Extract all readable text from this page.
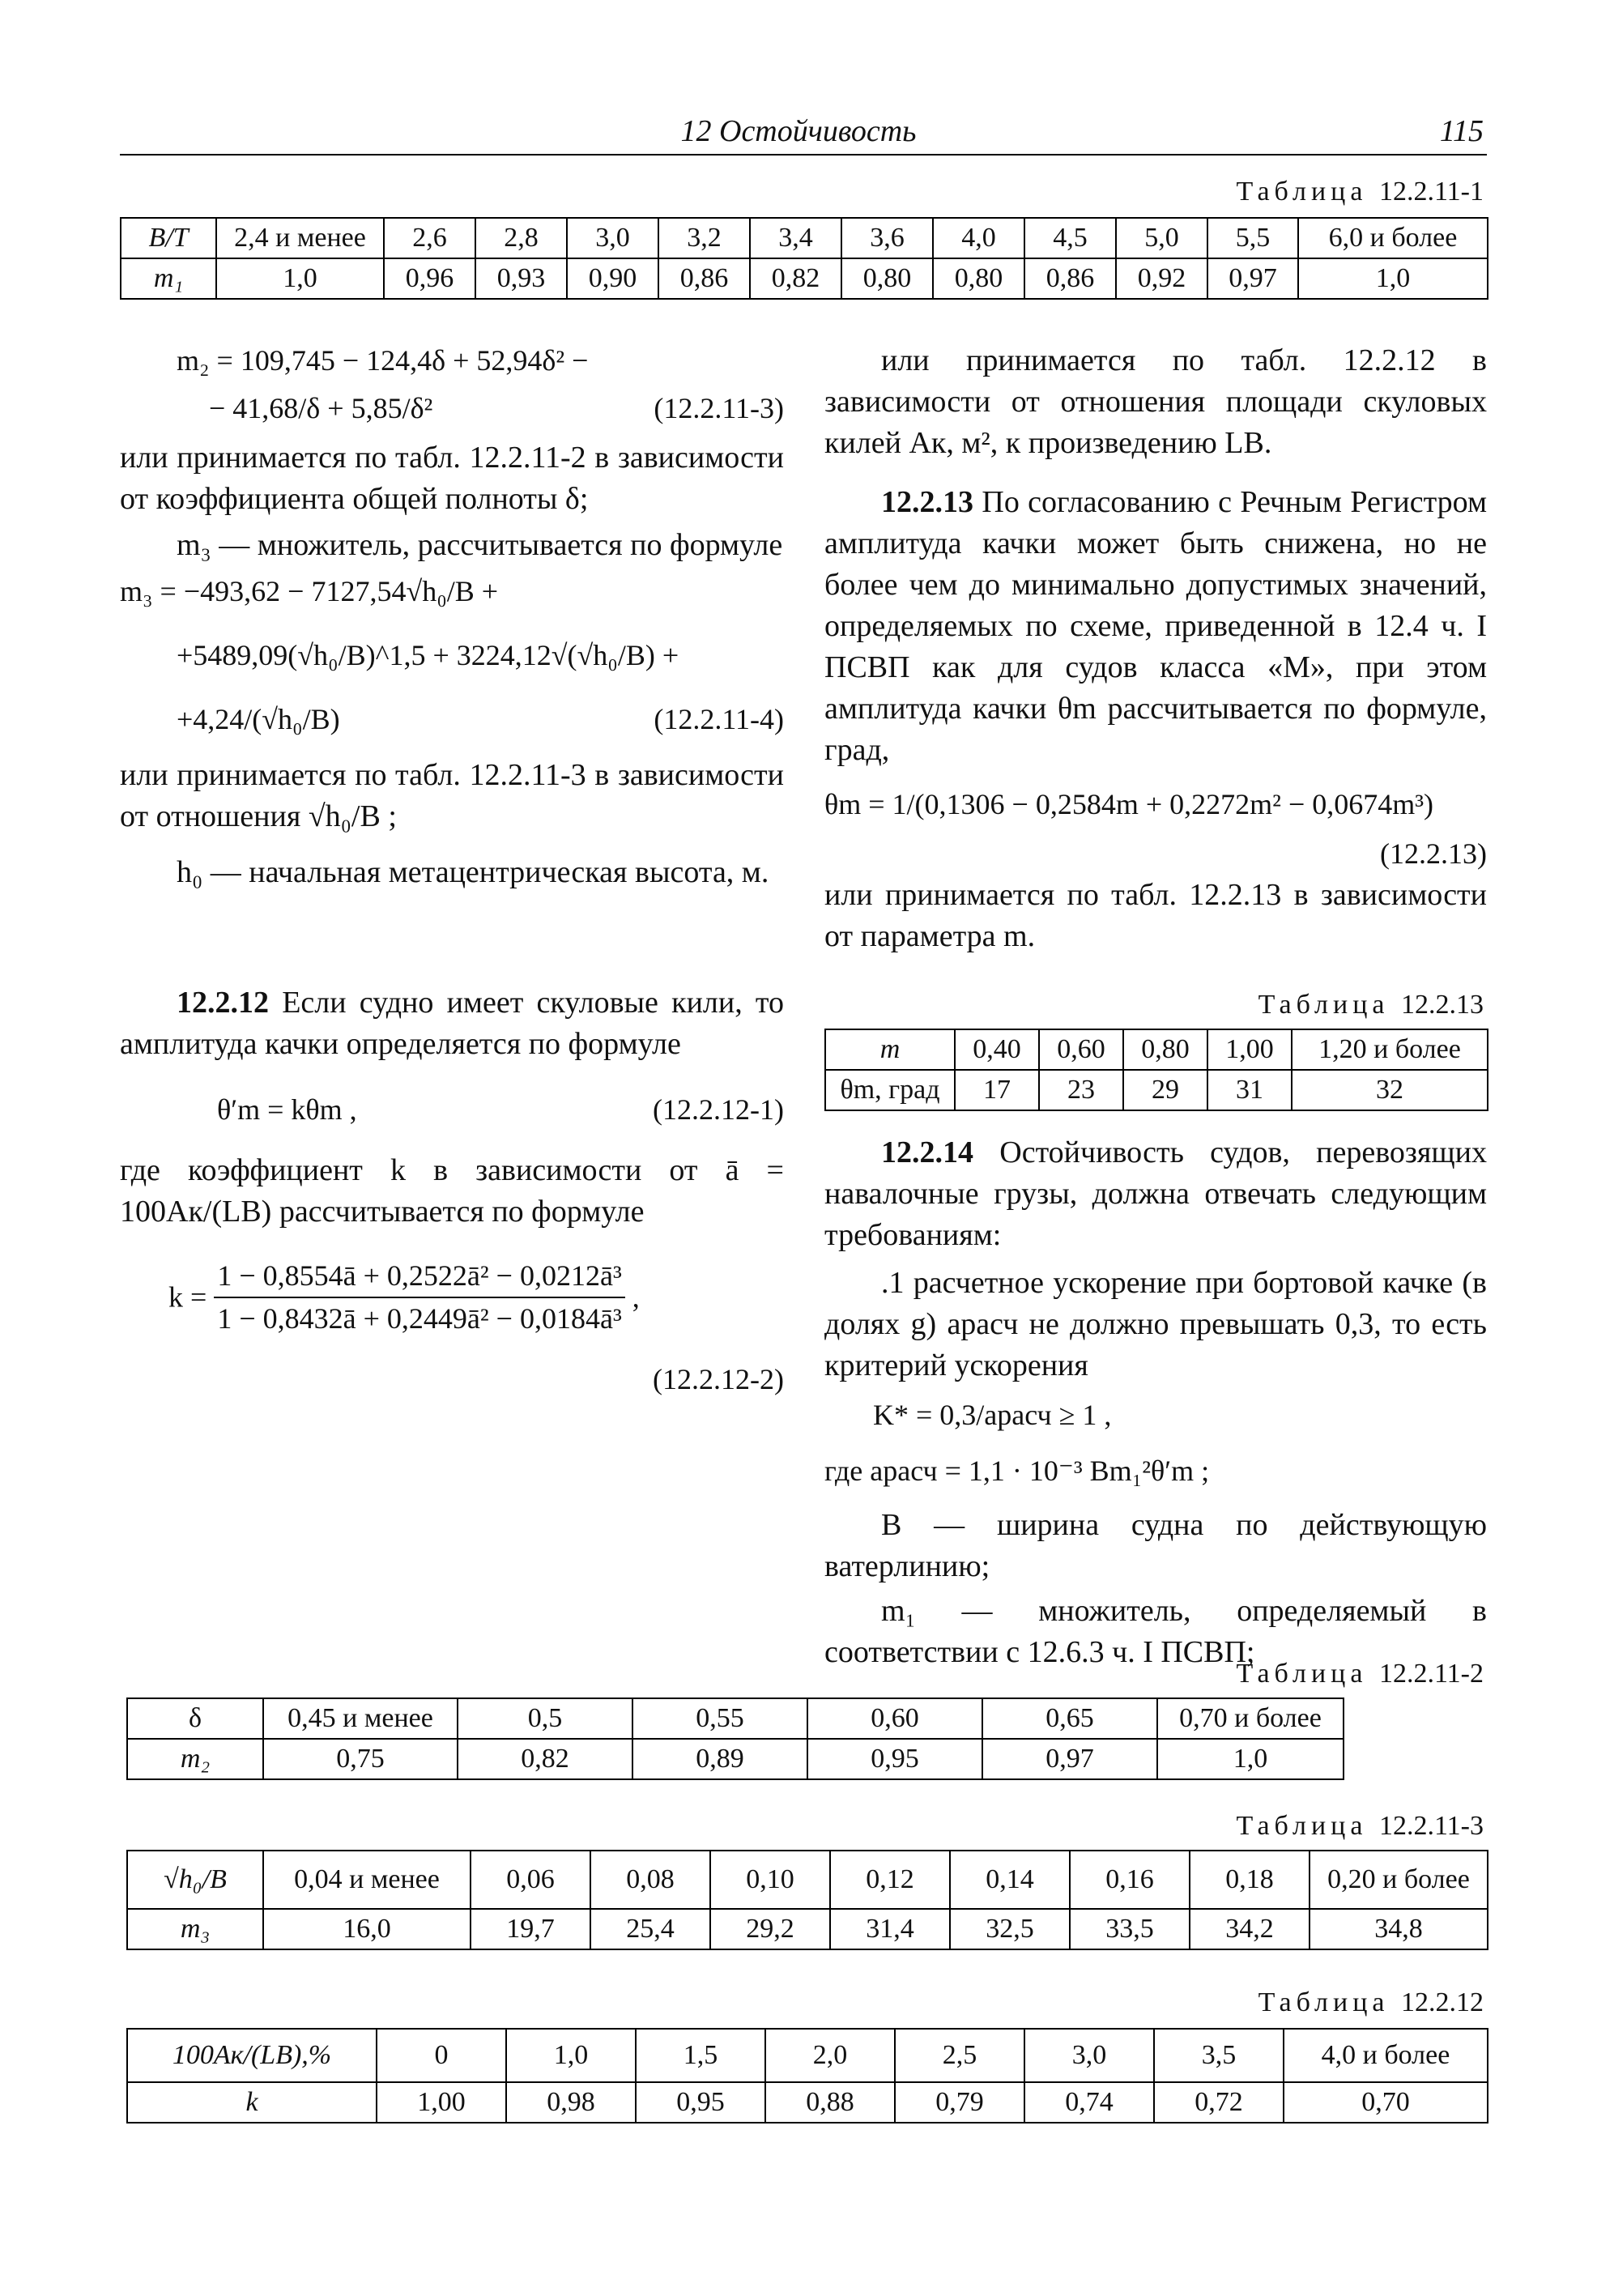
12 Остойчивость	115
Таблица 12.2.11-1
B/T	2,4 и менее	2,6	2,8	3,0	3,2	3,4	3,6	4,0	4,5	5,0	5,5	6,0 и более
m₁	1,0	0,96	0,93	0,90	0,86	0,82	0,80	0,80	0,86	0,92	0,97	1,0
m₂ = 109,745 − 124,4δ + 52,94δ² −
− 41,68/δ + 5,85/δ²	(12.2.11-3)

или принимается по табл. 12.2.11-2 в зависимости от коэффициента общей полноты δ;

m₃ — множитель, рассчитывается по формуле

m₃ = −493,62 − 7127,54√h₀/B +
+5489,09(√h₀/B)^1,5 + 3224,12√(√h₀/B) +
+4,24/(√h₀/B)	(12.2.11-4)

или принимается по табл. 12.2.11-3 в зависимости от отношения √h₀/B ;

h₀ — начальная метацентрическая высота, м.

12.2.12 Если судно имеет скуловые кили, то амплитуда качки определяется по формуле

θ′m = kθm ,	(12.2.12-1)

где коэффициент k в зависимости от ā = 100Aк/(LB) рассчитывается по формуле

$k = \frac{\text{1 − 0,8554ā + 0,2522ā² − 0,0212ā³}}{\text{1 − 0,8432ā + 0,2449ā² − 0,0184ā³}}$ ,
(12.2.12-2)

или принимается по табл. 12.2.12 в зависимости от отношения площади скуловых килей Aк, м², к произведению LB.

12.2.13 По согласованию с Речным Регистром амплитуда качки может быть снижена, но не более чем до минимально допустимых значений, определяемых по схеме, приведенной в 12.4 ч. I ПСВП как для судов класса «М», при этом амплитуда качки θm рассчитывается по формуле, град,

θm = 1/(0,1306 − 0,2584m + 0,2272m² − 0,0674m³)
(12.2.13)

или принимается по табл. 12.2.13 в зависимости от параметра m.

Таблица 12.2.13
m	0,40	0,60	0,80	1,00	1,20 и более
θm, град	17	23	29	31	32

12.2.14 Остойчивость судов, перевозящих навалочные грузы, должна отвечать следующим требованиям:

.1 расчетное ускорение при бортовой качке (в долях g) aрасч не должно превышать 0,3, то есть критерий ускорения

K* = 0,3/aрасч ≥ 1 ,
где aрасч = 1,1 · 10⁻³ Bm₁²θ′m ;

B — ширина судна по действующую ватерлинию;

m₁ — множитель, определяемый в соответствии с 12.6.3 ч. I ПСВП;

Таблица 12.2.11-2
δ	0,45 и менее	0,5	0,55	0,60	0,65	0,70 и более
m₂	0,75	0,82	0,89	0,95	0,97	1,0
Таблица 12.2.11-3
√h₀/B	0,04 и менее	0,06	0,08	0,10	0,12	0,14	0,16	0,18	0,20 и более
m₃	16,0	19,7	25,4	29,2	31,4	32,5	33,5	34,2	34,8
Таблица 12.2.12
100Aк/(LB),%	0	1,0	1,5	2,0	2,5	3,0	3,5	4,0 и более
k	1,00	0,98	0,95	0,88	0,79	0,74	0,72	0,70
